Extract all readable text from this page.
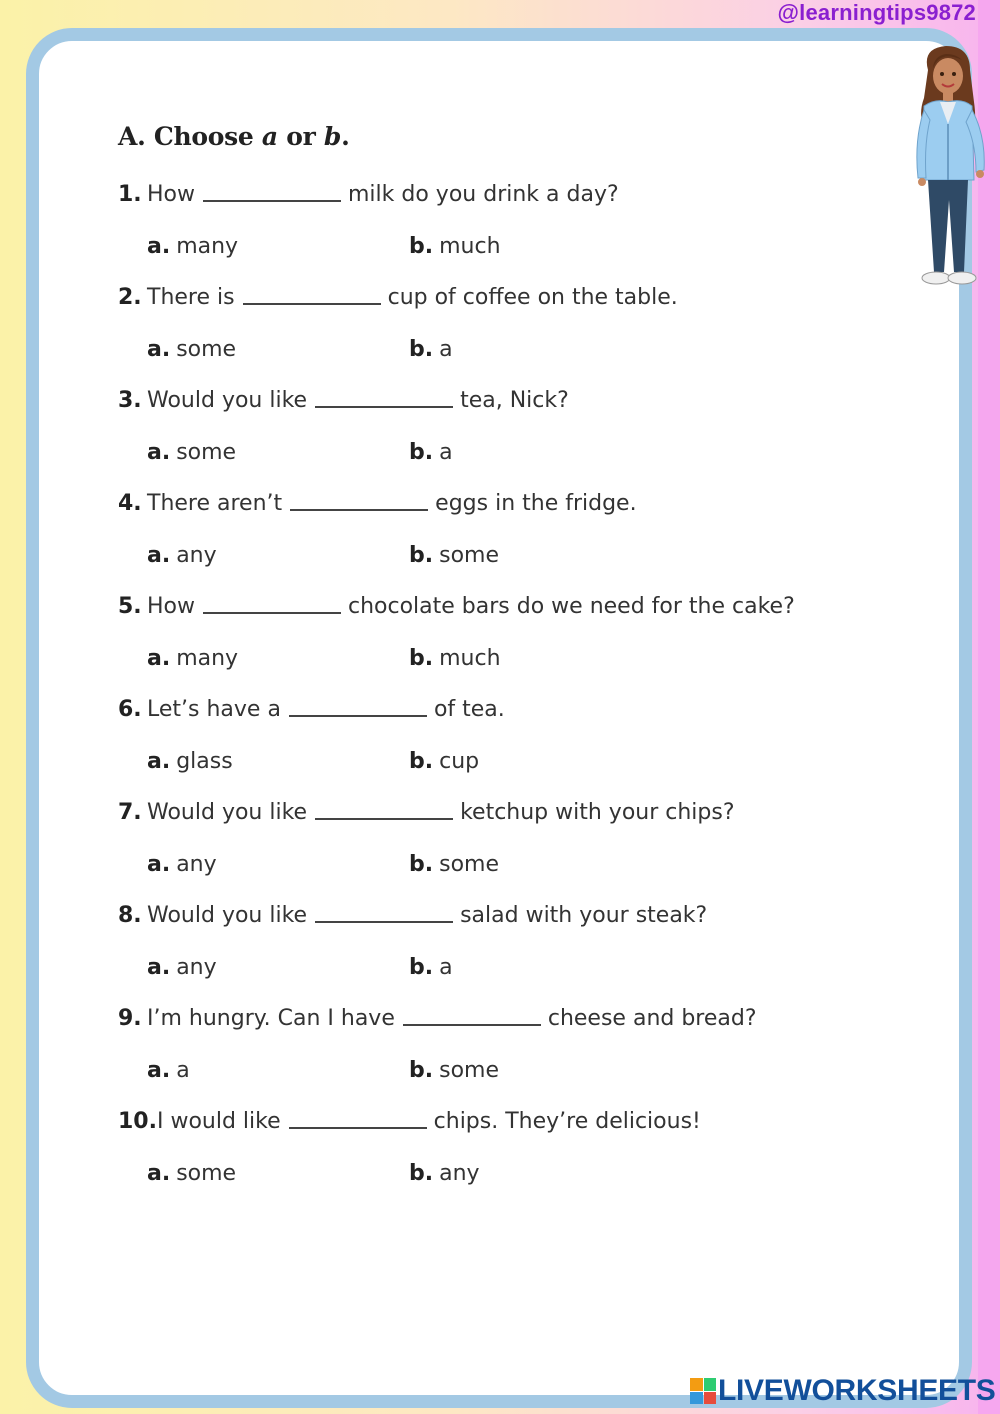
@learningtips9872
A. Choose a or b.
1. How	milk do you drink a day?
a. many	b. much
2. There is	cup of coffee on the table.
a. some	b. a
3. Would you like	tea, Nick?
a. some	b. a
4. There aren’t	eggs in the fridge.
a. any	b. some
5. How	chocolate bars do we need for the cake?
a. many	b. much
6. Let’s have a	of tea.
a. glass	b. cup
7. Would you like	ketchup with your chips?
a. any	b. some
8. Would you like	salad with your steak?
a. any	b. a
9. I’m hungry. Can I have	cheese and bread?
a. a	b. some
10.I would like	chips. They’re delicious!
a. some	b. any
LIVEWORKSHEETS
